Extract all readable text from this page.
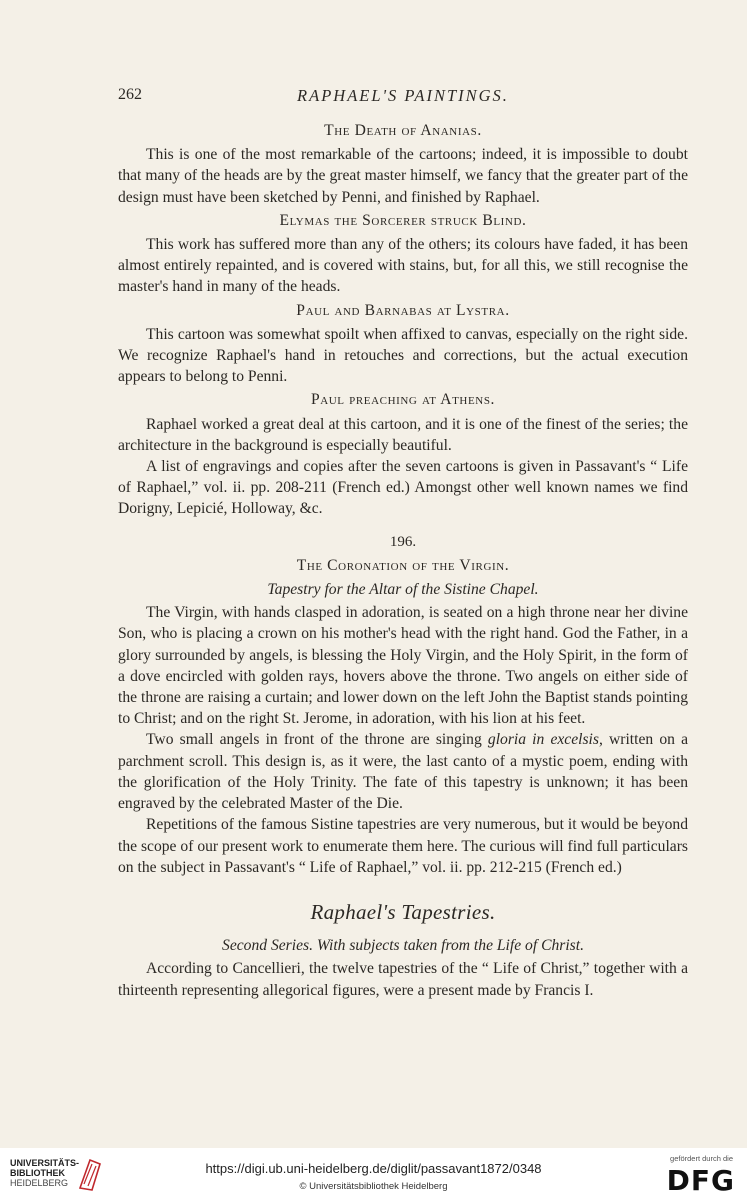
262	RAPHAEL'S PAINTINGS.
The Death of Ananias.

This is one of the most remarkable of the cartoons; indeed, it is impossible to doubt that many of the heads are by the great master himself, we fancy that the greater part of the design must have been sketched by Penni, and finished by Raphael.

Elymas the Sorcerer struck Blind.

This work has suffered more than any of the others; its colours have faded, it has been almost entirely repainted, and is covered with stains, but, for all this, we still recognise the master's hand in many of the heads.

Paul and Barnabas at Lystra.

This cartoon was somewhat spoilt when affixed to canvas, especially on the right side. We recognize Raphael's hand in retouches and corrections, but the actual execution appears to belong to Penni.

Paul preaching at Athens.

Raphael worked a great deal at this cartoon, and it is one of the finest of the series; the architecture in the background is especially beautiful.

A list of engravings and copies after the seven cartoons is given in Passavant's “ Life of Raphael,” vol. ii. pp. 208-211 (French ed.) Amongst other well known names we find Dorigny, Lepicié, Holloway, &c.

196.
The Coronation of the Virgin.
Tapestry for the Altar of the Sistine Chapel.

The Virgin, with hands clasped in adoration, is seated on a high throne near her divine Son, who is placing a crown on his mother's head with the right hand. God the Father, in a glory surrounded by angels, is blessing the Holy Virgin, and the Holy Spirit, in the form of a dove encircled with golden rays, hovers above the throne. Two angels on either side of the throne are raising a curtain; and lower down on the left John the Baptist stands pointing to Christ; and on the right St. Jerome, in adoration, with his lion at his feet.

Two small angels in front of the throne are singing gloria in excelsis, written on a parchment scroll. This design is, as it were, the last canto of a mystic poem, ending with the glorification of the Holy Trinity. The fate of this tapestry is unknown; it has been engraved by the celebrated Master of the Die.

Repetitions of the famous Sistine tapestries are very numerous, but it would be beyond the scope of our present work to enumerate them here. The curious will find full particulars on the subject in Passavant's “ Life of Raphael,” vol. ii. pp. 212-215 (French ed.)

Raphael's Tapestries.
Second Series. With subjects taken from the Life of Christ.

According to Cancellieri, the twelve tapestries of the “ Life of Christ,” together with a thirteenth representing allegorical figures, were a present made by Francis I.

UNIVERSITÄTS-
BIBLIOTHEK
HEIDELBERG
https://digi.ub.uni-heidelberg.de/diglit/passavant1872/0348
© Universitätsbibliothek Heidelberg
gefördert durch die
DFG
